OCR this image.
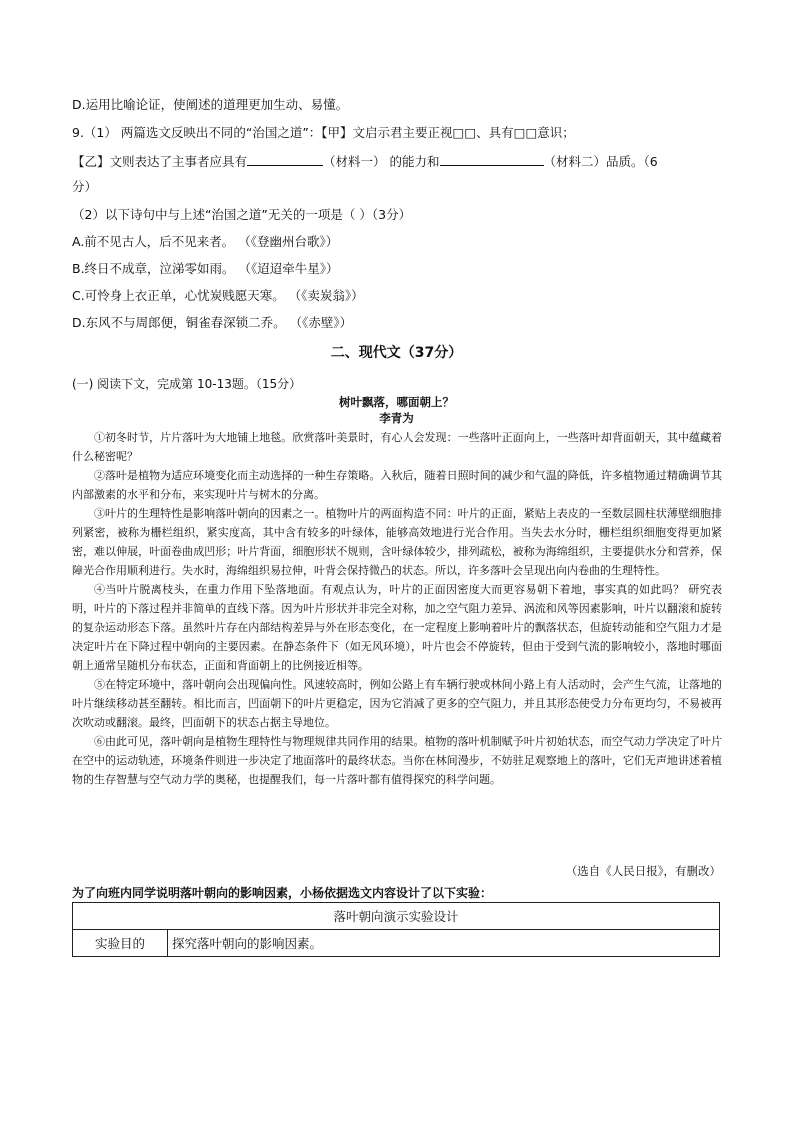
D.运用比喻论证，使阐述的道理更加生动、易懂。
9.（1） 两篇选文反映出不同的“治国之道”：【甲】文启示君主要正视□□、具有□□意识；
【乙】文则表达了主事者应具有	（材料一） 的能力和	（材料二）品质。（6
分）
（2）以下诗句中与上述“治国之道”无关的一项是（ ）（3分）
A.前不见古人，后不见来者。 （《登幽州台歌》）
B.终日不成章，泣涕零如雨。 （《迢迢牵牛星》）
C.可怜身上衣正单，心忧炭贱愿天寒。 （《卖炭翁》）
D.东风不与周郎便，铜雀春深锁二乔。 （《赤壁》）
二、现代文（37分）
(一) 阅读下文，完成第 10-13题。（15分）
树叶飘落，哪面朝上？
李青为

①初冬时节，片片落叶为大地铺上地毯。欣赏落叶美景时，有心人会发现：一些落叶正面向上，一些落叶却背面朝天，其中蕴藏着什么秘密呢？

②落叶是植物为适应环境变化而主动选择的一种生存策略。入秋后，随着日照时间的减少和气温的降低，许多植物通过精确调节其内部激素的水平和分布，来实现叶片与树木的分离。

③叶片的生理特性是影响落叶朝向的因素之一。植物叶片的两面构造不同：叶片的正面，紧贴上表皮的一至数层圆柱状薄壁细胞排列紧密，被称为栅栏组织，紧实度高，其中含有较多的叶绿体，能够高效地进行光合作用。当失去水分时，栅栏组织细胞变得更加紧密，难以伸展，叶面卷曲成凹形；叶片背面，细胞形状不规则，含叶绿体较少，排列疏松，被称为海绵组织，主要提供水分和营养，保障光合作用顺利进行。失水时，海绵组织易拉伸，叶背会保持微凸的状态。所以，许多落叶会呈现出向内卷曲的生理特性。

④当叶片脱离枝头，在重力作用下坠落地面。有观点认为，叶片的正面因密度大而更容易朝下着地，事实真的如此吗？ 研究表明，叶片的下落过程并非简单的直线下落。因为叶片形状并非完全对称，加之空气阻力差异、涡流和风等因素影响，叶片以翻滚和旋转的复杂运动形态下落。虽然叶片存在内部结构差异与外在形态变化，在一定程度上影响着叶片的飘落状态，但旋转动能和空气阻力才是决定叶片在下降过程中朝向的主要因素。在静态条件下（如无风环境），叶片也会不停旋转，但由于受到气流的影响较小，落地时哪面朝上通常呈随机分布状态，正面和背面朝上的比例接近相等。

⑤在特定环境中，落叶朝向会出现偏向性。风速较高时，例如公路上有车辆行驶或林间小路上有人活动时，会产生气流，让落地的叶片继续移动甚至翻转。相比而言，凹面朝下的叶片更稳定，因为它消减了更多的空气阻力，并且其形态使受力分布更均匀，不易被再次吹动或翻滚。最终，凹面朝下的状态占据主导地位。

⑥由此可见，落叶朝向是植物生理特性与物理规律共同作用的结果。植物的落叶机制赋予叶片初始状态，而空气动力学决定了叶片在空中的运动轨迹，环境条件则进一步决定了地面落叶的最终状态。当你在林间漫步，不妨驻足观察地上的落叶，它们无声地讲述着植物的生存智慧与空气动力学的奥秘，也提醒我们，每一片落叶都有值得探究的科学问题。

（选自《人民日报》，有删改）
为了向班内同学说明落叶朝向的影响因素，小杨依据选文内容设计了以下实验：
落叶朝向演示实验设计
实验目的	探究落叶朝向的影响因素。
